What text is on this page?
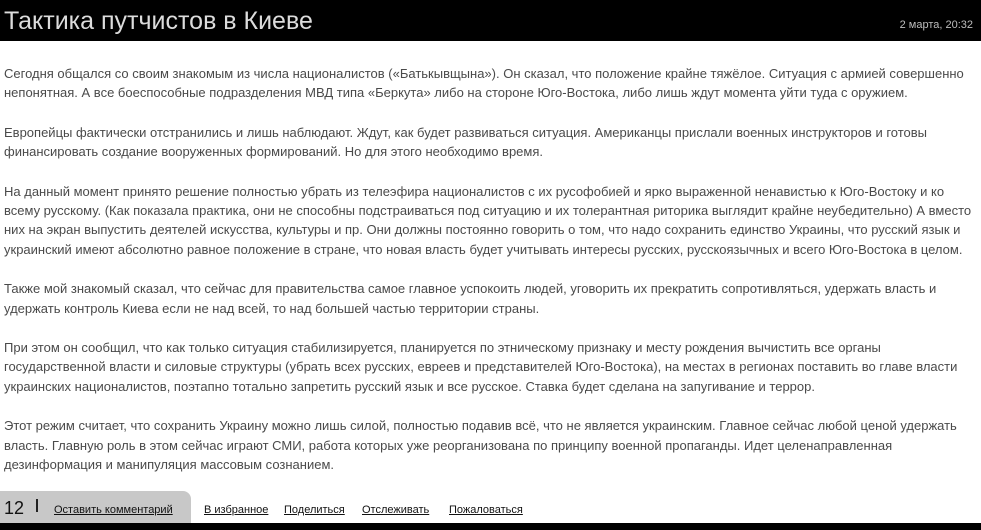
Тактика путчистов в Киеве	2 марта, 20:32

Сегодня общался со своим знакомым из числа националистов («Батькывщына»). Он сказал, что положение крайне тяжёлое. Ситуация с армией совершенно непонятная. А все боеспособные подразделения МВД типа «Беркута» либо на стороне Юго-Востока, либо лишь ждут момента уйти туда с оружием.

Европейцы фактически отстранились и лишь наблюдают. Ждут, как будет развиваться ситуация. Американцы прислали военных инструкторов и готовы финансировать создание вооруженных формирований. Но для этого необходимо время.

На данный момент принято решение полностью убрать из телеэфира националистов с их русофобией и ярко выраженной ненавистью к Юго-Востоку и ко всему русскому. (Как показала практика, они не способны подстраиваться под ситуацию и их толерантная риторика выглядит крайне неубедительно) А вместо них на экран выпустить деятелей искусства, культуры и пр. Они должны постоянно говорить о том, что надо сохранить единство Украины, что русский язык и украинский имеют абсолютно равное положение в стране, что новая власть будет учитывать интересы русских, русскоязычных и всего Юго-Востока в целом.

Также мой знакомый сказал, что сейчас для правительства самое главное успокоить людей, уговорить их прекратить сопротивляться, удержать власть и удержать контроль Киева если не над всей, то над большей частью территории страны.

При этом он сообщил, что как только ситуация стабилизируется, планируется по этническому признаку и месту рождения вычистить все органы государственной власти и силовые структуры (убрать всех русских, евреев и представителей Юго-Востока), на местах в регионах поставить во главе власти украинских националистов, поэтапно тотально запретить русский язык и все русское. Ставка будет сделана на запугивание и террор.

Этот режим считает, что сохранить Украину можно лишь силой, полностью подавив всё, что не является украинским. Главное сейчас любой ценой удержать власть. Главную роль в этом сейчас играют СМИ, работа которых уже реорганизована по принципу военной пропаганды. Идет целенаправленная дезинформация и манипуляция массовым сознанием.

12	Оставить комментарий	В избранное Поделиться Отслеживать Пожаловаться
